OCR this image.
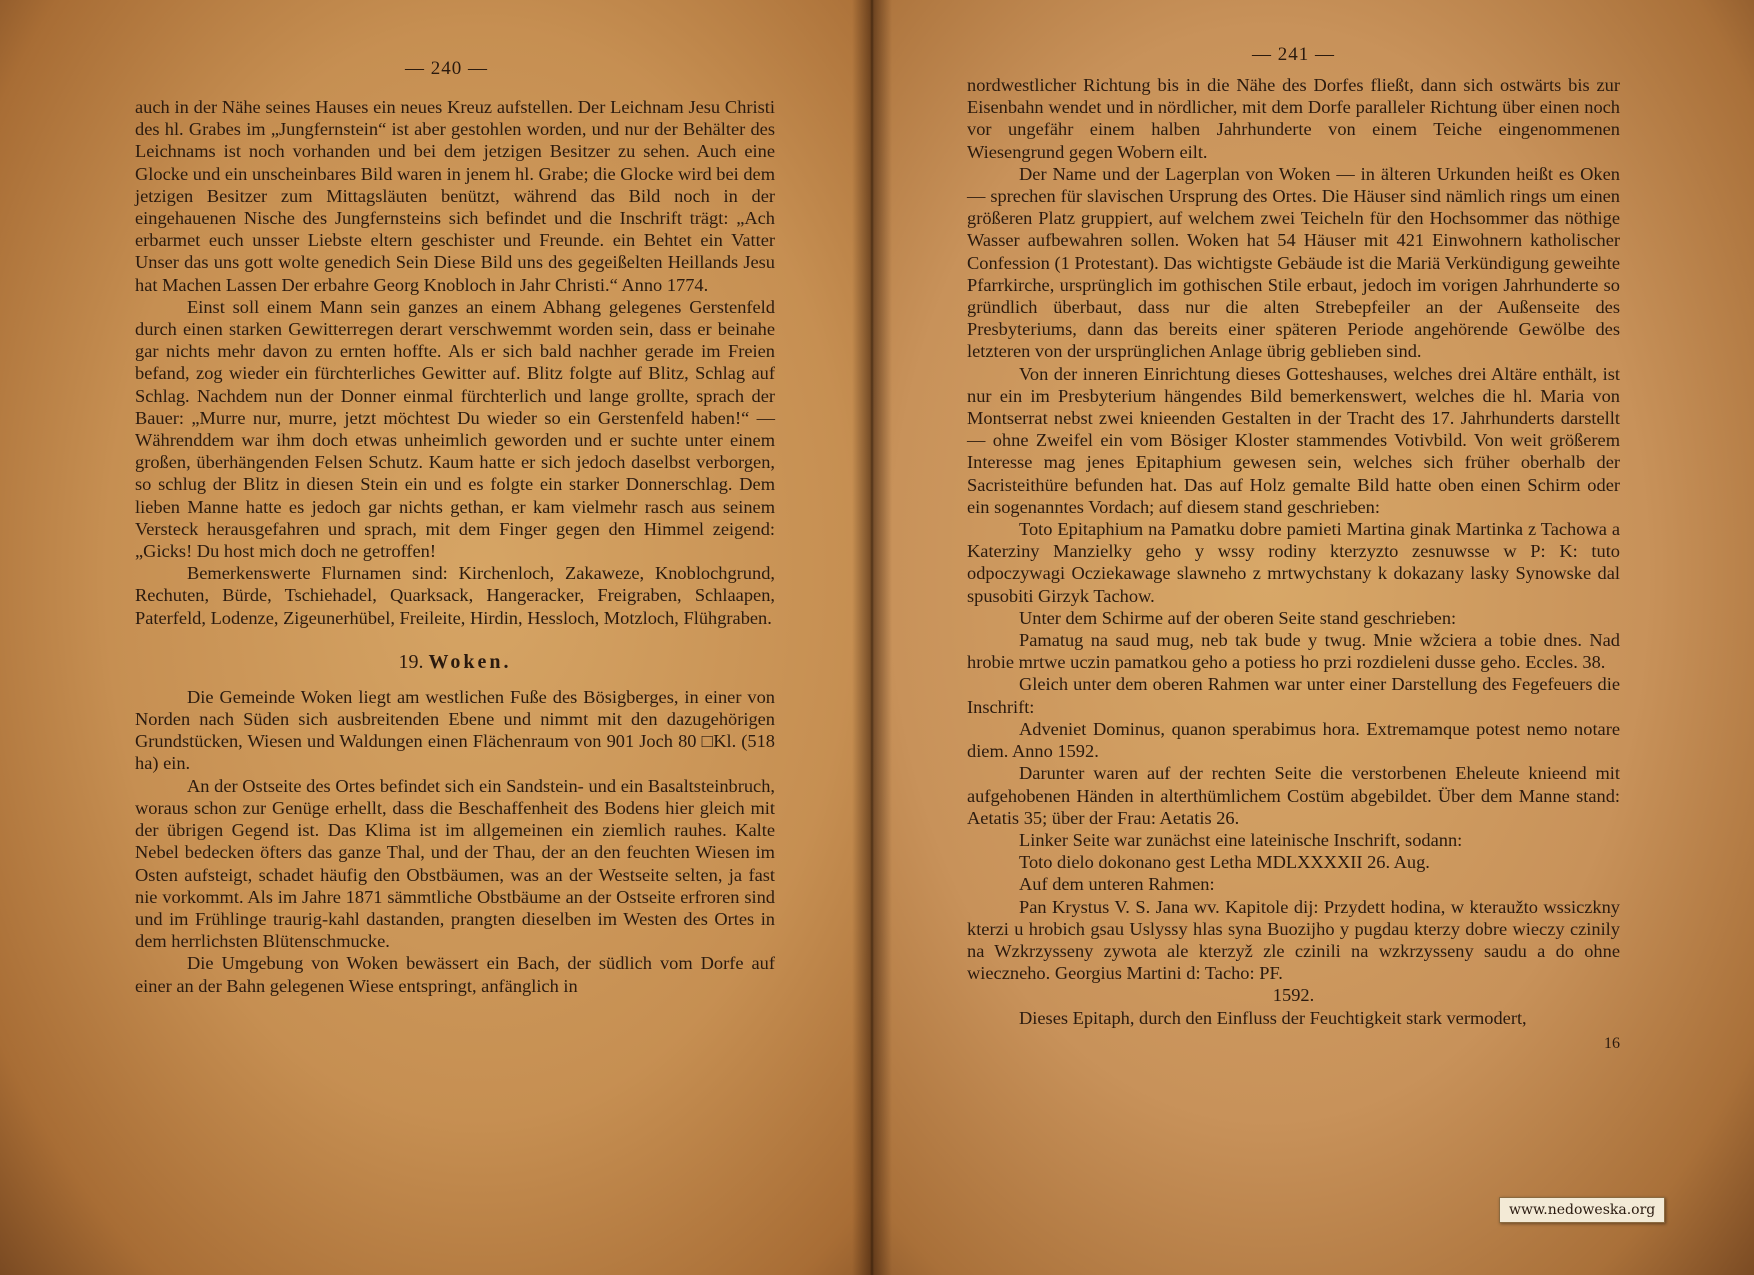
— 240 —

auch in der Nähe seines Hauses ein neues Kreuz aufstellen. Der Leichnam Jesu Christi des hl. Grabes im „Jungfernstein“ ist aber gestohlen worden, und nur der Behälter des Leichnams ist noch vorhanden und bei dem jetzigen Besitzer zu sehen. Auch eine Glocke und ein unscheinbares Bild waren in jenem hl. Grabe; die Glocke wird bei dem jetzigen Besitzer zum Mittagsläuten benützt, während das Bild noch in der eingehauenen Nische des Jungfernsteins sich befindet und die Inschrift trägt: „Ach erbarmet euch unsser Liebste eltern geschister und Freunde. ein Behtet ein Vatter Unser das uns gott wolte genedich Sein Diese Bild uns des gegeißelten Heillands Jesu hat Machen Lassen Der erbahre Georg Knobloch in Jahr Christi.“ Anno 1774.

Einst soll einem Mann sein ganzes an einem Abhang gelegenes Gerstenfeld durch einen starken Gewitterregen derart verschwemmt worden sein, dass er beinahe gar nichts mehr davon zu ernten hoffte. Als er sich bald nachher gerade im Freien befand, zog wieder ein fürchterliches Gewitter auf. Blitz folgte auf Blitz, Schlag auf Schlag. Nachdem nun der Donner einmal fürchterlich und lange grollte, sprach der Bauer: „Murre nur, murre, jetzt möchtest Du wieder so ein Gerstenfeld haben!“ — Währenddem war ihm doch etwas unheimlich geworden und er suchte unter einem großen, überhängenden Felsen Schutz. Kaum hatte er sich jedoch daselbst verborgen, so schlug der Blitz in diesen Stein ein und es folgte ein starker Donnerschlag. Dem lieben Manne hatte es jedoch gar nichts gethan, er kam vielmehr rasch aus seinem Versteck herausgefahren und sprach, mit dem Finger gegen den Himmel zeigend: „Gicks! Du host mich doch ne getroffen!

Bemerkenswerte Flurnamen sind: Kirchenloch, Zakaweze, Knoblochgrund, Rechuten, Bürde, Tschiehadel, Quarksack, Hangeracker, Freigraben, Schlaapen, Paterfeld, Lodenze, Zigeunerhübel, Freileite, Hirdin, Hessloch, Motzloch, Flühgraben.

19. Woken.

Die Gemeinde Woken liegt am westlichen Fuße des Bösigberges, in einer von Norden nach Süden sich ausbreitenden Ebene und nimmt mit den dazugehörigen Grundstücken, Wiesen und Waldungen einen Flächenraum von 901 Joch 80 □Kl. (518 ha) ein.

An der Ostseite des Ortes befindet sich ein Sandstein- und ein Basaltsteinbruch, woraus schon zur Genüge erhellt, dass die Beschaffenheit des Bodens hier gleich mit der übrigen Gegend ist. Das Klima ist im allgemeinen ein ziemlich rauhes. Kalte Nebel bedecken öfters das ganze Thal, und der Thau, der an den feuchten Wiesen im Osten aufsteigt, schadet häufig den Obstbäumen, was an der Westseite selten, ja fast nie vorkommt. Als im Jahre 1871 sämmtliche Obstbäume an der Ostseite erfroren sind und im Frühlinge traurig-kahl dastanden, prangten dieselben im Westen des Ortes in dem herrlichsten Blütenschmucke.

Die Umgebung von Woken bewässert ein Bach, der südlich vom Dorfe auf einer an der Bahn gelegenen Wiese entspringt, anfänglich in

— 241 —

nordwestlicher Richtung bis in die Nähe des Dorfes fließt, dann sich ostwärts bis zur Eisenbahn wendet und in nördlicher, mit dem Dorfe paralleler Richtung über einen noch vor ungefähr einem halben Jahrhunderte von einem Teiche eingenommenen Wiesengrund gegen Wobern eilt.

Der Name und der Lagerplan von Woken — in älteren Urkunden heißt es Oken — sprechen für slavischen Ursprung des Ortes. Die Häuser sind nämlich rings um einen größeren Platz gruppiert, auf welchem zwei Teicheln für den Hochsommer das nöthige Wasser aufbewahren sollen. Woken hat 54 Häuser mit 421 Einwohnern katholischer Confession (1 Protestant). Das wichtigste Gebäude ist die Mariä Verkündigung geweihte Pfarrkirche, ursprünglich im gothischen Stile erbaut, jedoch im vorigen Jahrhunderte so gründlich überbaut, dass nur die alten Strebepfeiler an der Außenseite des Presbyteriums, dann das bereits einer späteren Periode angehörende Gewölbe des letzteren von der ursprünglichen Anlage übrig geblieben sind.

Von der inneren Einrichtung dieses Gotteshauses, welches drei Altäre enthält, ist nur ein im Presbyterium hängendes Bild bemerkenswert, welches die hl. Maria von Montserrat nebst zwei knieenden Gestalten in der Tracht des 17. Jahrhunderts darstellt — ohne Zweifel ein vom Bösiger Kloster stammendes Votivbild. Von weit größerem Interesse mag jenes Epitaphium gewesen sein, welches sich früher oberhalb der Sacristeithüre befunden hat. Das auf Holz gemalte Bild hatte oben einen Schirm oder ein sogenanntes Vordach; auf diesem stand geschrieben:

Toto Epitaphium na Pamatku dobre pamieti Martina ginak Martinka z Tachowa a Katerziny Manzielky geho y wssy rodiny kterzyzto zesnuwsse w P: K: tuto odpoczywagi Ocziekawage slawneho z mrtwychstany k dokazany lasky Synowske dal spusobiti Girzyk Tachow.

Unter dem Schirme auf der oberen Seite stand geschrieben:

Pamatug na saud mug, neb tak bude y twug. Mnie wžciera a tobie dnes. Nad hrobie mrtwe uczin pamatkou geho a potiess ho przi rozdieleni dusse geho. Eccles. 38.

Gleich unter dem oberen Rahmen war unter einer Darstellung des Fegefeuers die Inschrift:

Adveniet Dominus, quanon sperabimus hora. Extremamque potest nemo notare diem. Anno 1592.

Darunter waren auf der rechten Seite die verstorbenen Eheleute knieend mit aufgehobenen Händen in alterthümlichem Costüm abgebildet. Über dem Manne stand: Aetatis 35; über der Frau: Aetatis 26.

Linker Seite war zunächst eine lateinische Inschrift, sodann:

Toto dielo dokonano gest Letha MDLXXXXII 26. Aug.

Auf dem unteren Rahmen:

Pan Krystus V. S. Jana wv. Kapitole dij: Przydett hodina, w kteraužto wssiczkny kterzi u hrobich gsau Uslyssy hlas syna Buozijho y pugdau kterzy dobre wieczy czinily na Wzkrzysseny zywota ale kterzyž zle czinili na wzkrzysseny saudu a do ohne wieczneho. Georgius Martini d: Tacho: PF.

1592.

Dieses Epitaph, durch den Einfluss der Feuchtigkeit stark vermodert,

16
www.nedoweska.org
